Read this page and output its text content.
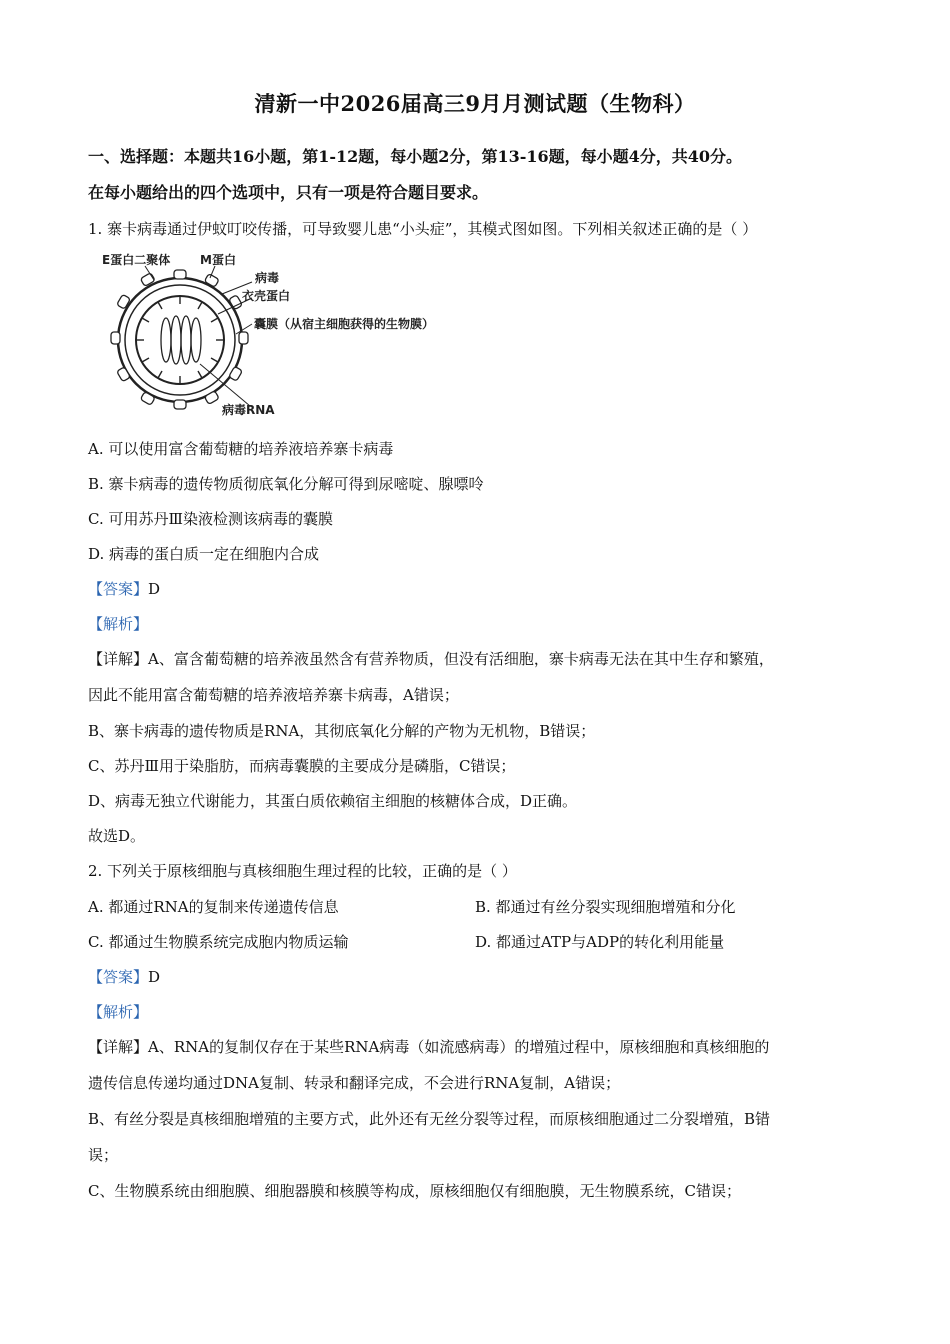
清新一中2026届高三9月月测试题（生物科）
一、选择题：本题共16小题，第1-12题，每小题2分，第13-16题，每小题4分，共40分。
在每小题给出的四个选项中，只有一项是符合题目要求。
1. 寨卡病毒通过伊蚊叮咬传播，可导致婴儿患“小头症”，其模式图如图。下列相关叙述正确的是（ ）
E蛋白二聚体 M蛋白
病毒
衣壳蛋白
囊膜（从宿主细胞获得的生物膜）
病毒RNA
A. 可以使用富含葡萄糖的培养液培养寨卡病毒
B. 寨卡病毒的遗传物质彻底氧化分解可得到尿嘧啶、腺嘌呤
C. 可用苏丹Ⅲ染液检测该病毒的囊膜
D. 病毒的蛋白质一定在细胞内合成
【答案】D
【解析】
【详解】A、富含葡萄糖的培养液虽然含有营养物质，但没有活细胞，寨卡病毒无法在其中生存和繁殖，
因此不能用富含葡萄糖的培养液培养寨卡病毒，A错误；
B、寨卡病毒的遗传物质是RNA，其彻底氧化分解的产物为无机物，B错误；
C、苏丹Ⅲ用于染脂肪，而病毒囊膜的主要成分是磷脂，C错误；
D、病毒无独立代谢能力，其蛋白质依赖宿主细胞的核糖体合成，D正确。
故选D。
2. 下列关于原核细胞与真核细胞生理过程的比较，正确的是（ ）
A. 都通过RNA的复制来传递遗传信息	B. 都通过有丝分裂实现细胞增殖和分化
C. 都通过生物膜系统完成胞内物质运输	D. 都通过ATP与ADP的转化利用能量
【答案】D
【解析】
【详解】A、RNA的复制仅存在于某些RNA病毒（如流感病毒）的增殖过程中，原核细胞和真核细胞的
遗传信息传递均通过DNA复制、转录和翻译完成，不会进行RNA复制，A错误；
B、有丝分裂是真核细胞增殖的主要方式，此外还有无丝分裂等过程，而原核细胞通过二分裂增殖，B错
误；
C、生物膜系统由细胞膜、细胞器膜和核膜等构成，原核细胞仅有细胞膜，无生物膜系统，C错误；
